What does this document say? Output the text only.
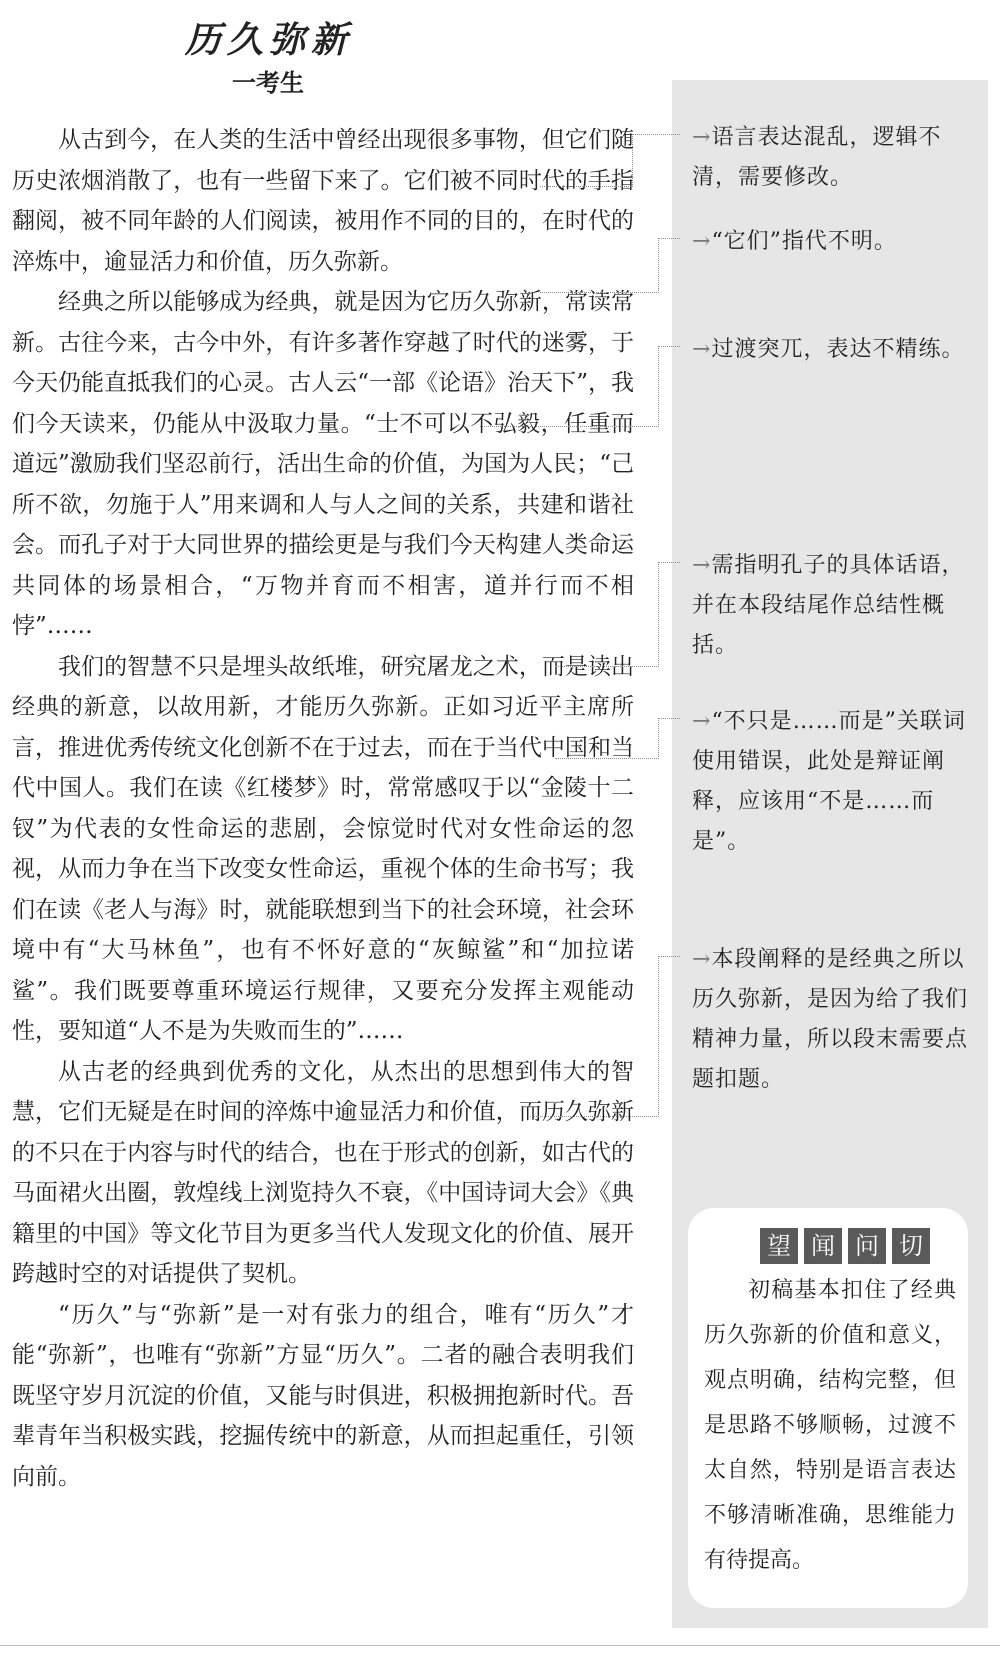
历久弥新
一考生

从古到今，在人类的生活中曾经出现很多事物，但它们随历史浓烟消散了，也有一些留下来了。它们被不同时代的手指翻阅，被不同年龄的人们阅读，被用作不同的目的，在时代的淬炼中，逾显活力和价值，历久弥新。

经典之所以能够成为经典，就是因为它历久弥新，常读常新。古往今来，古今中外，有许多著作穿越了时代的迷雾，于今天仍能直抵我们的心灵。古人云“一部《论语》治天下”，我们今天读来，仍能从中汲取力量。“士不可以不弘毅，任重而道远”激励我们坚忍前行，活出生命的价值，为国为人民；“己所不欲，勿施于人”用来调和人与人之间的关系，共建和谐社会。而孔子对于大同世界的描绘更是与我们今天构建人类命运共同体的场景相合，“万物并育而不相害，道并行而不相悖”……

我们的智慧不只是埋头故纸堆，研究屠龙之术，而是读出经典的新意，以故用新，才能历久弥新。正如习近平主席所言，推进优秀传统文化创新不在于过去，而在于当代中国和当代中国人。我们在读《红楼梦》时，常常感叹于以“金陵十二钗”为代表的女性命运的悲剧，会惊觉时代对女性命运的忽视，从而力争在当下改变女性命运，重视个体的生命书写；我们在读《老人与海》时，就能联想到当下的社会环境，社会环境中有“大马林鱼”，也有不怀好意的“灰鲸鲨”和“加拉诺鲨”。我们既要尊重环境运行规律，又要充分发挥主观能动性，要知道“人不是为失败而生的”……

从古老的经典到优秀的文化，从杰出的思想到伟大的智慧，它们无疑是在时间的淬炼中逾显活力和价值，而历久弥新的不只在于内容与时代的结合，也在于形式的创新，如古代的马面裙火出圈，敦煌线上浏览持久不衰，《中国诗词大会》《典籍里的中国》等文化节目为更多当代人发现文化的价值、展开跨越时空的对话提供了契机。

“历久”与“弥新”是一对有张力的组合，唯有“历久”才能“弥新”，也唯有“弥新”方显“历久”。二者的融合表明我们既坚守岁月沉淀的价值，又能与时俱进，积极拥抱新时代。吾辈青年当积极实践，挖掘传统中的新意，从而担起重任，引领向前。

→语言表达混乱，逻辑不清，需要修改。
→“它们”指代不明。
→过渡突兀，表达不精练。
→需指明孔子的具体话语，并在本段结尾作总结性概括。
→“不只是……而是”关联词使用错误，此处是辩证阐释，应该用“不是……而是”。
→本段阐释的是经典之所以历久弥新，是因为给了我们精神力量，所以段末需要点题扣题。
望 闻 问 切

初稿基本扣住了经典历久弥新的价值和意义，观点明确，结构完整，但是思路不够顺畅，过渡不太自然，特别是语言表达不够清晰准确，思维能力有待提高。
